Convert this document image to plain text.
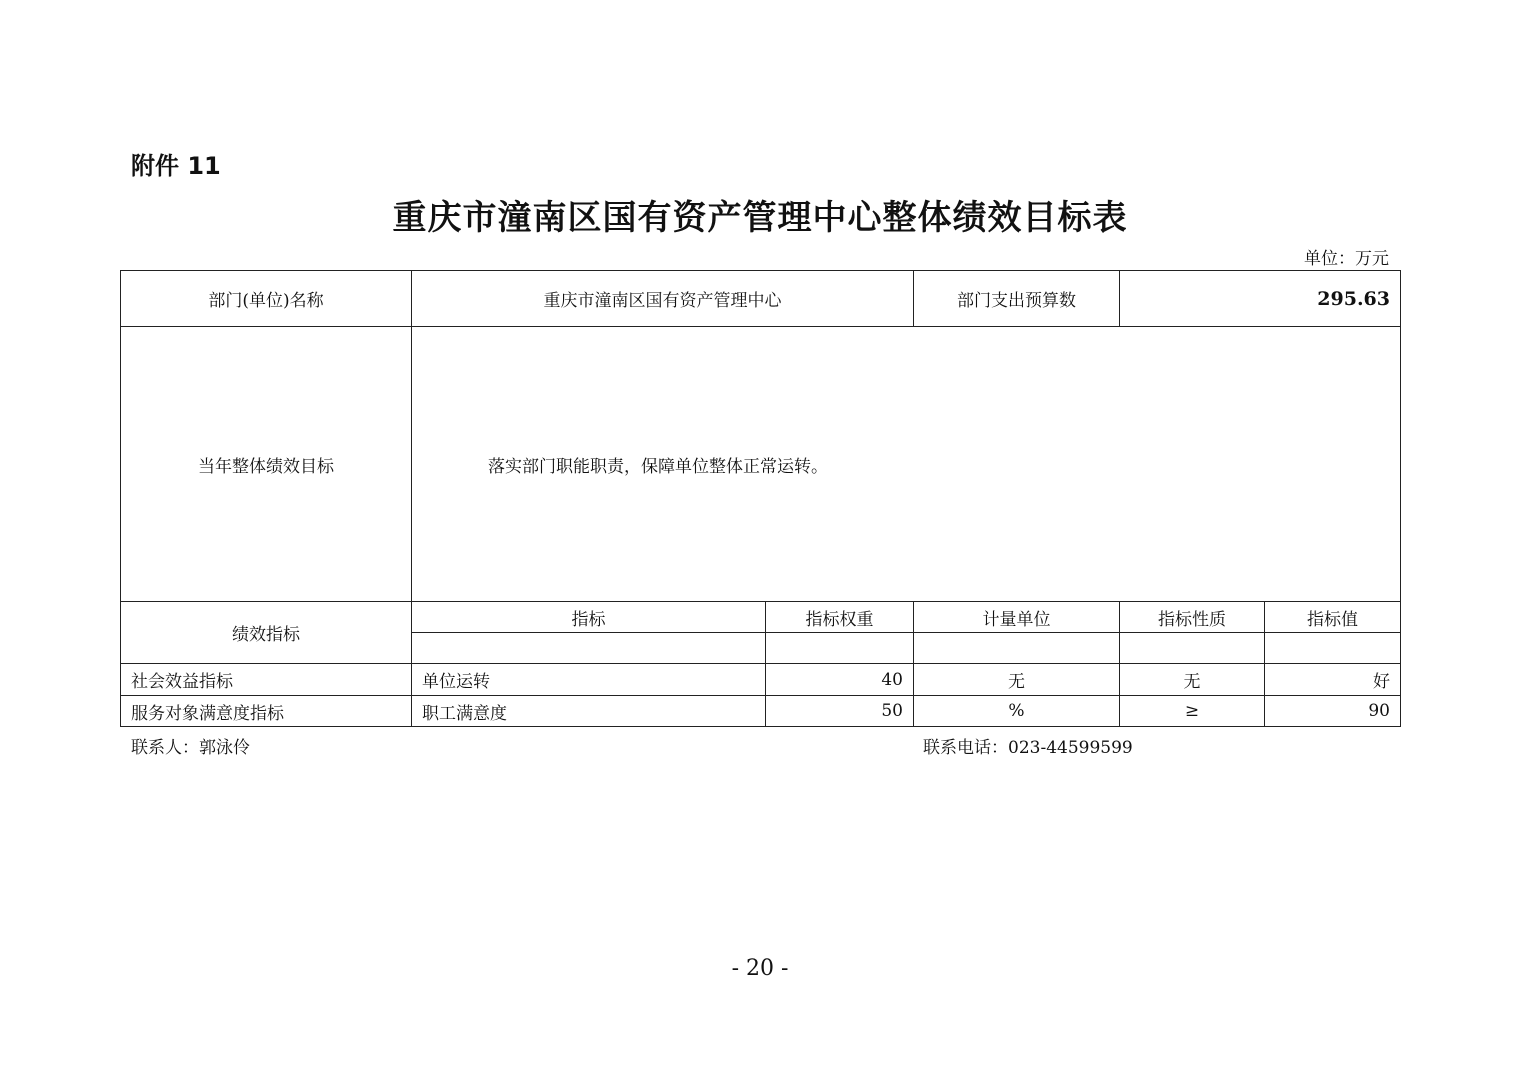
附件 11
重庆市潼南区国有资产管理中心整体绩效目标表
单位：万元
部门(单位)名称	重庆市潼南区国有资产管理中心		部门支出预算数	295.63	
当年整体绩效目标	落实部门职能职责，保障单位整体正常运转。				
绩效指标	指标	指标权重	计量单位	指标性质	指标值

社会效益指标	单位运转	40	无	无	好
服务对象满意度指标	职工满意度	50	%	≥	90
联系人：郭泳伶	联系电话：023-44599599
- 20 -
